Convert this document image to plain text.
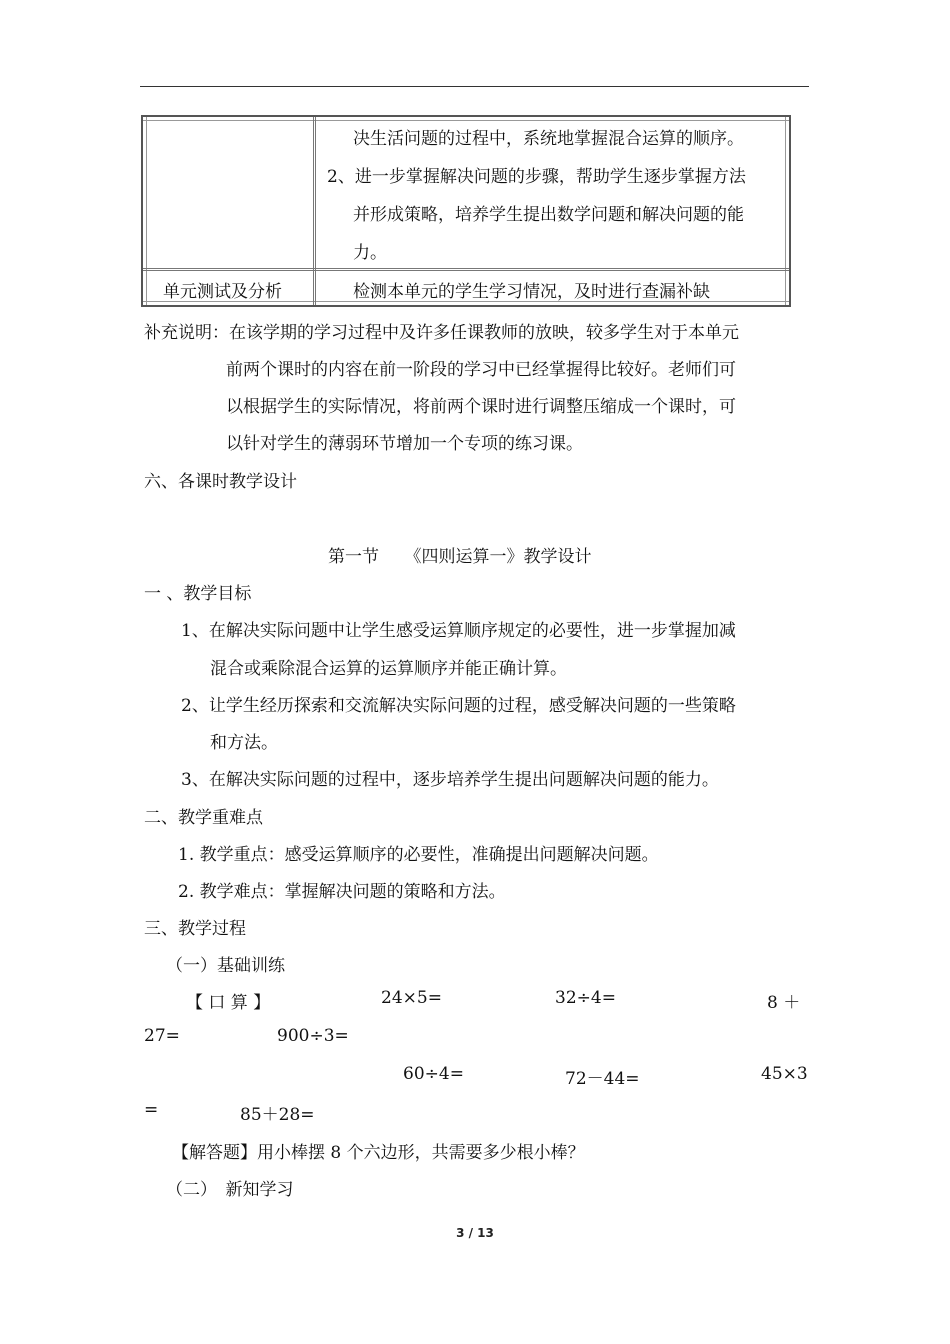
决生活问题的过程中，系统地掌握混合运算的顺序。
2、进一步掌握解决问题的步骤，帮助学生逐步掌握方法
并形成策略，培养学生提出数学问题和解决问题的能
力。
单元测试及分析	检测本单元的学生学习情况，及时进行查漏补缺
补充说明：在该学期的学习过程中及许多任课教师的放映，较多学生对于本单元
前两个课时的内容在前一阶段的学习中已经掌握得比较好。老师们可
以根据学生的实际情况，将前两个课时进行调整压缩成一个课时，可
以针对学生的薄弱环节增加一个专项的练习课。
六、各课时教学设计
第一节　　《四则运算一》教学设计
一 、教学目标
1、在解决实际问题中让学生感受运算顺序规定的必要性，进一步掌握加减
混合或乘除混合运算的运算顺序并能正确计算。
2、让学生经历探索和交流解决实际问题的过程，感受解决问题的一些策略
和方法。
3、在解决实际问题的过程中，逐步培养学生提出问题解决问题的能力。
二、教学重难点
1. 教学重点：感受运算顺序的必要性，准确提出问题解决问题。
2. 教学难点：掌握解决问题的策略和方法。
三、教学过程
（一）基础训练
【 口 算 】	24×5=	32÷4=	8 ＋
27=	900÷3=
60÷4=	72－44=	45×3
=	85＋28=
【解答题】用小棒摆 8 个六边形，共需要多少根小棒？
（二）　新知学习
3 / 13
